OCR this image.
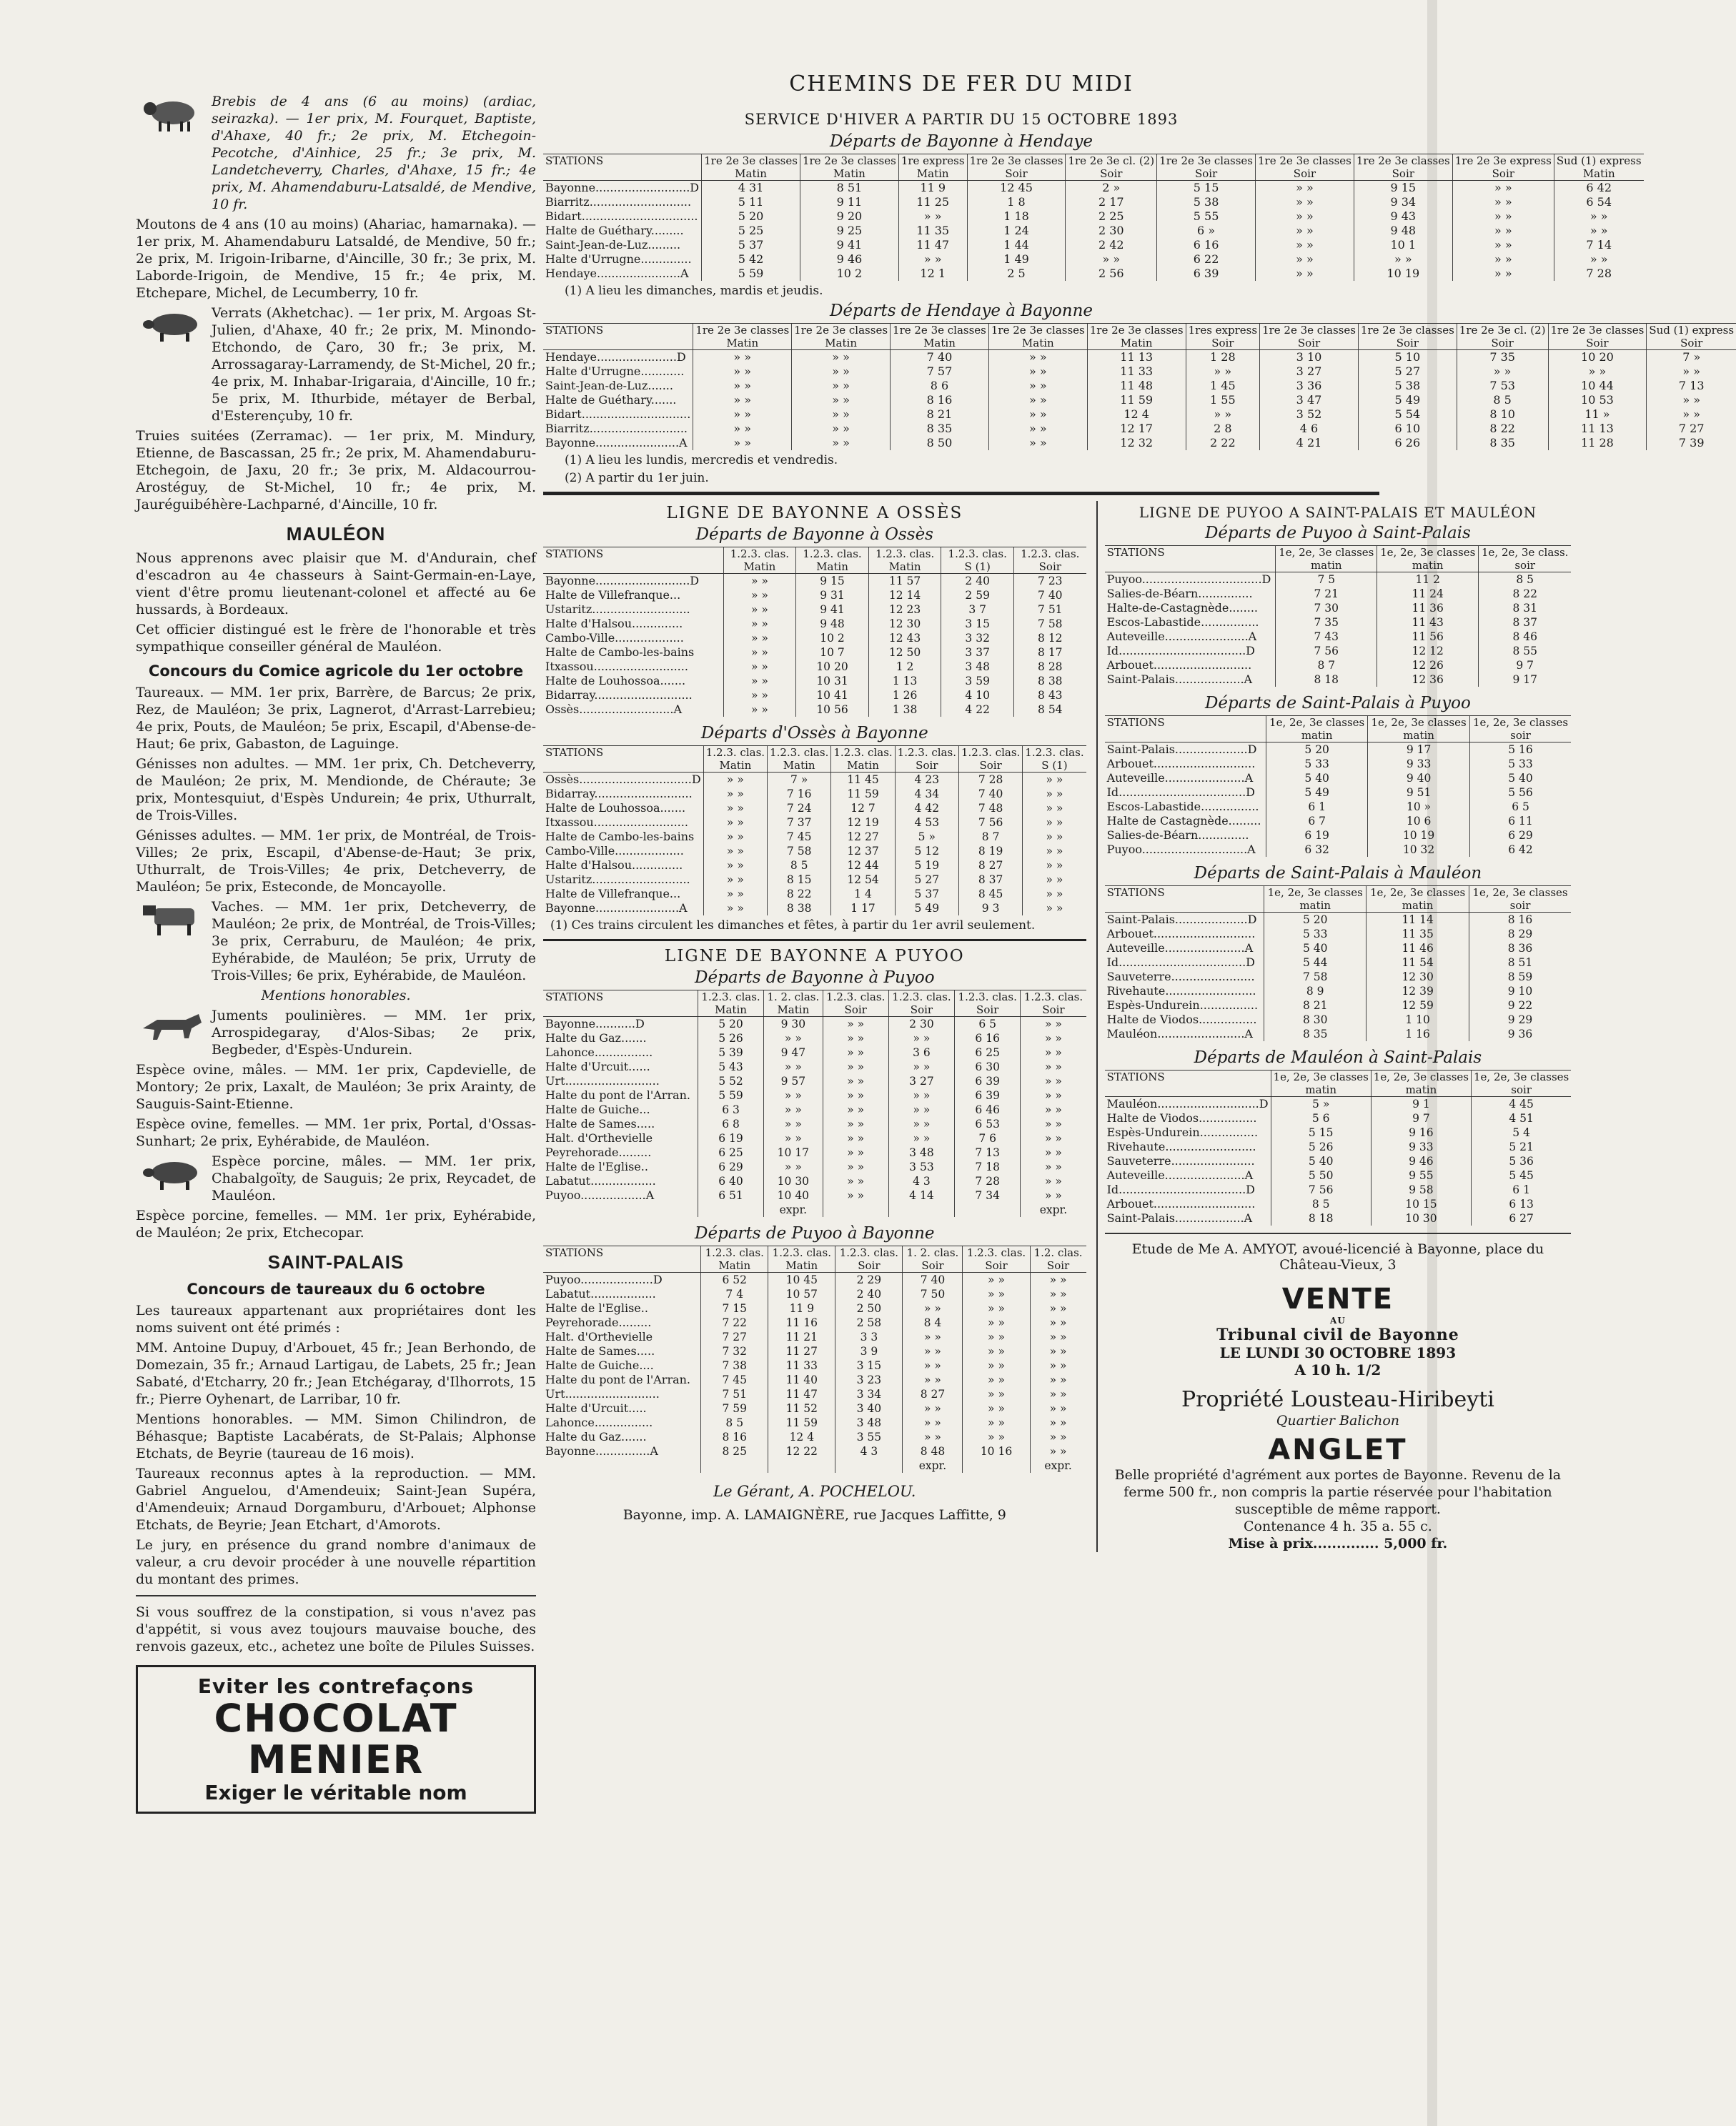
Brebis de 4 ans (6 au moins) (ardiac, seirazka). — 1er prix, M. Fourquet, Baptiste, d'Ahaxe, 40 fr.; 2e prix, M. Etchegoin-Pecotche, d'Ainhice, 25 fr.; 3e prix, M. Landetcheverry, Charles, d'Ahaxe, 15 fr.; 4e prix, M. Ahamendaburu-Latsaldé, de Mendive, 10 fr.

Moutons de 4 ans (10 au moins) (Ahariac, hamarnaka). — 1er prix, M. Ahamendaburu Latsaldé, de Mendive, 50 fr.; 2e prix, M. Irigoin-Iribarne, d'Aincille, 30 fr.; 3e prix, M. Laborde-Irigoin, de Mendive, 15 fr.; 4e prix, M. Etchepare, Michel, de Lecumberry, 10 fr.

Verrats (Akhetchac). — 1er prix, M. Argoas St-Julien, d'Ahaxe, 40 fr.; 2e prix, M. Minondo-Etchondo, de Çaro, 30 fr.; 3e prix, M. Arrossagaray-Larramendy, de St-Michel, 20 fr.; 4e prix, M. Inhabar-Irigaraia, d'Aincille, 10 fr.; 5e prix, M. Ithurbide, métayer de Berbal, d'Esterençuby, 10 fr.

Truies suitées (Zerramac). — 1er prix, M. Mindury, Etienne, de Bascassan, 25 fr.; 2e prix, M. Ahamendaburu-Etchegoin, de Jaxu, 20 fr.; 3e prix, M. Aldacourrou-Arostéguy, de St-Michel, 10 fr.; 4e prix, M. Jauréguibéhère-Lachparné, d'Aincille, 10 fr.

MAULÉON

Nous apprenons avec plaisir que M. d'Andurain, chef d'escadron au 4e chasseurs à Saint-Germain-en-Laye, vient d'être promu lieutenant-colonel et affecté au 6e hussards, à Bordeaux.

Cet officier distingué est le frère de l'honorable et très sympathique conseiller général de Mauléon.

Concours du Comice agricole du 1er octobre

Taureaux. — MM. 1er prix, Barrère, de Barcus; 2e prix, Rez, de Mauléon; 3e prix, Lagnerot, d'Arrast-Larrebieu; 4e prix, Pouts, de Mauléon; 5e prix, Escapil, d'Abense-de-Haut; 6e prix, Gabaston, de Laguinge.

Génisses non adultes. — MM. 1er prix, Ch. Detcheverry, de Mauléon; 2e prix, M. Mendionde, de Chéraute; 3e prix, Montesquiut, d'Espès Undurein; 4e prix, Uthurralt, de Trois-Villes.

Génisses adultes. — MM. 1er prix, de Montréal, de Trois-Villes; 2e prix, Escapil, d'Abense-de-Haut; 3e prix, Uthurralt, de Trois-Villes; 4e prix, Detcheverry, de Mauléon; 5e prix, Esteconde, de Moncayolle.

Vaches. — MM. 1er prix, Detcheverry, de Mauléon; 2e prix, de Montréal, de Trois-Villes; 3e prix, Cerraburu, de Mauléon; 4e prix, Eyhérabide, de Mauléon; 5e prix, Urruty de Trois-Villes; 6e prix, Eyhérabide, de Mauléon.

Mentions honorables.

Juments poulinières. — MM. 1er prix, Arrospidegaray, d'Alos-Sibas; 2e prix, Begbeder, d'Espès-Undurein.

Espèce ovine, mâles. — MM. 1er prix, Capdevielle, de Montory; 2e prix, Laxalt, de Mauléon; 3e prix Arainty, de Sauguis-Saint-Etienne.

Espèce ovine, femelles. — MM. 1er prix, Portal, d'Ossas-Sunhart; 2e prix, Eyhérabide, de Mauléon.

Espèce porcine, mâles. — MM. 1er prix, Chabalgoïty, de Sauguis; 2e prix, Reycadet, de Mauléon.

Espèce porcine, femelles. — MM. 1er prix, Eyhérabide, de Mauléon; 2e prix, Etchecopar.

SAINT-PALAIS
Concours de taureaux du 6 octobre

Les taureaux appartenant aux propriétaires dont les noms suivent ont été primés :

MM. Antoine Dupuy, d'Arbouet, 45 fr.; Jean Berhondo, de Domezain, 35 fr.; Arnaud Lartigau, de Labets, 25 fr.; Jean Sabaté, d'Etcharry, 20 fr.; Jean Etchégaray, d'Ilhorrots, 15 fr.; Pierre Oyhenart, de Larribar, 10 fr.

Mentions honorables. — MM. Simon Chilindron, de Béhasque; Baptiste Lacabérats, de St-Palais; Alphonse Etchats, de Beyrie (taureau de 16 mois).

Taureaux reconnus aptes à la reproduction. — MM. Gabriel Anguelou, d'Amendeuix; Saint-Jean Supéra, d'Amendeuix; Arnaud Dorgamburu, d'Arbouet; Alphonse Etchats, de Beyrie; Jean Etchart, d'Amorots.

Le jury, en présence du grand nombre d'animaux de valeur, a cru devoir procéder à une nouvelle répartition du montant des primes.

Si vous souffrez de la constipation, si vous n'avez pas d'appétit, si vous avez toujours mauvaise bouche, des renvois gazeux, etc., achetez une boîte de Pilules Suisses.

Eviter les contrefaçons
CHOCOLAT
MENIER
Exiger le véritable nom
CHEMINS DE FER DU MIDI
SERVICE D'HIVER A PARTIR DU 15 OCTOBRE 1893
Départs de Bayonne à Hendaye
STATIONS	1re 2e 3e classes	1re 2e 3e classes	1re express	1re 2e 3e classes	1re 2e 3e cl. (2)	1re 2e 3e classes	1re 2e 3e classes	1re 2e 3e classes	1re 2e 3e express	Sud (1) express
	Matin	Matin	Matin	Soir	Soir	Soir	Soir	Soir	Soir	Matin
Bayonne..........................D	4 31	8 51	11 9	12 45	2 »	5 15	» »	9 15	» »	6 42
Biarritz............................	5 11	9 11	11 25	1 8	2 17	5 38	» »	9 34	» »	6 54
Bidart................................	5 20	9 20	» »	1 18	2 25	5 55	» »	9 43	» »	» »
Halte de Guéthary.........	5 25	9 25	11 35	1 24	2 30	6 »	» »	9 48	» »	» »
Saint-Jean-de-Luz.........	5 37	9 41	11 47	1 44	2 42	6 16	» »	10 1	» »	7 14
Halte d'Urrugne..............	5 42	9 46	» »	1 49	» »	6 22	» »	» »	» »	» »
Hendaye.......................A	5 59	10 2	12 1	2 5	2 56	6 39	» »	10 19	» »	7 28
(1) A lieu les dimanches, mardis et jeudis.
Départs de Hendaye à Bayonne
STATIONS	1re 2e 3e classes	1re 2e 3e classes	1re 2e 3e classes	1re 2e 3e classes	1re 2e 3e classes	1res express	1re 2e 3e classes	1re 2e 3e classes	1re 2e 3e cl. (2)	1re 2e 3e classes	Sud (1) express
	Matin	Matin	Matin	Matin	Matin	Soir	Soir	Soir	Soir	Soir	Soir
Hendaye......................D	» »	» »	7 40	» »	11 13	1 28	3 10	5 10	7 35	10 20	7 »
Halte d'Urrugne............	» »	» »	7 57	» »	11 33	» »	3 27	5 27	» »	» »	» »
Saint-Jean-de-Luz.......	» »	» »	8 6	» »	11 48	1 45	3 36	5 38	7 53	10 44	7 13
Halte de Guéthary.......	» »	» »	8 16	» »	11 59	1 55	3 47	5 49	8 5	10 53	» »
Bidart..............................	» »	» »	8 21	» »	12 4	» »	3 52	5 54	8 10	11 »	» »
Biarritz...........................	» »	» »	8 35	» »	12 17	2 8	4 6	6 10	8 22	11 13	7 27
Bayonne.......................A	» »	» »	8 50	» »	12 32	2 22	4 21	6 26	8 35	11 28	7 39
(1) A lieu les lundis, mercredis et vendredis.
(2) A partir du 1er juin.
LIGNE DE BAYONNE A OSSÈS
Départs de Bayonne à Ossès
STATIONS	1.2.3. clas.	1.2.3. clas.	1.2.3. clas.	1.2.3. clas.	1.2.3. clas.
	Matin	Matin	Matin	S (1)	Soir
Bayonne..........................D	» »	9 15	11 57	2 40	7 23
Halte de Villefranque...	» »	9 31	12 14	2 59	7 40
Ustaritz...........................	» »	9 41	12 23	3 7	7 51
Halte d'Halsou..............	» »	9 48	12 30	3 15	7 58
Cambo-Ville...................	» »	10 2	12 43	3 32	8 12
Halte de Cambo-les-bains	» »	10 7	12 50	3 37	8 17
Itxassou..........................	» »	10 20	1 2	3 48	8 28
Halte de Louhossoa.......	» »	10 31	1 13	3 59	8 38
Bidarray...........................	» »	10 41	1 26	4 10	8 43
Ossès..........................A	» »	10 56	1 38	4 22	8 54
Départs d'Ossès à Bayonne
STATIONS	1.2.3. clas.	1.2.3. clas.	1.2.3. clas.	1.2.3. clas.	1.2.3. clas.	1.2.3. clas.
	Matin	Matin	Matin	Soir	Soir	S (1)
Ossès...............................D	» »	7 »	11 45	4 23	7 28	» »
Bidarray...........................	» »	7 16	11 59	4 34	7 40	» »
Halte de Louhossoa.......	» »	7 24	12 7	4 42	7 48	» »
Itxassou..........................	» »	7 37	12 19	4 53	7 56	» »
Halte de Cambo-les-bains	» »	7 45	12 27	5 »	8 7	» »
Cambo-Ville...................	» »	7 58	12 37	5 12	8 19	» »
Halte d'Halsou..............	» »	8 5	12 44	5 19	8 27	» »
Ustaritz...........................	» »	8 15	12 54	5 27	8 37	» »
Halte de Villefranque...	» »	8 22	1 4	5 37	8 45	» »
Bayonne.......................A	» »	8 38	1 17	5 49	9 3	» »
(1) Ces trains circulent les dimanches et fêtes, à partir du 1er avril seulement.
LIGNE DE BAYONNE A PUYOO
Départs de Bayonne à Puyoo
STATIONS	1.2.3. clas.	1. 2. clas.	1.2.3. clas.	1.2.3. clas.	1.2.3. clas.	1.2.3. clas.
	Matin	Matin	Soir	Soir	Soir	Soir
Bayonne...........D	5 20	9 30	» »	2 30	6 5	» »
Halte du Gaz.......	5 26	» »	» »	» »	6 16	» »
Lahonce................	5 39	9 47	» »	3 6	6 25	» »
Halte d'Urcuit......	5 43	» »	» »	» »	6 30	» »
Urt..........................	5 52	9 57	» »	3 27	6 39	» »
Halte du pont de l'Arran.	5 59	» »	» »	» »	6 39	» »
Halte de Guiche...	6 3	» »	» »	» »	6 46	» »
Halte de Sames.....	6 8	» »	» »	» »	6 53	» »
Halt. d'Orthevielle	6 19	» »	» »	» »	7 6	» »
Peyrehorade.........	6 25	10 17	» »	3 48	7 13	» »
Halte de l'Eglise..	6 29	» »	» »	3 53	7 18	» »
Labatut..................	6 40	10 30	» »	4 3	7 28	» »
Puyoo..................A	6 51	10 40	» »	4 14	7 34	» »
		expr.				expr.
Départs de Puyoo à Bayonne
STATIONS	1.2.3. clas.	1.2.3. clas.	1.2.3. clas.	1. 2. clas.	1.2.3. clas.	1.2. clas.
	Matin	Matin	Soir	Soir	Soir	Soir
Puyoo....................D	6 52	10 45	2 29	7 40	» »	» »
Labatut..................	7 4	10 57	2 40	7 50	» »	» »
Halte de l'Eglise..	7 15	11 9	2 50	» »	» »	» »
Peyrehorade.........	7 22	11 16	2 58	8 4	» »	» »
Halt. d'Orthevielle	7 27	11 21	3 3	» »	» »	» »
Halte de Sames.....	7 32	11 27	3 9	» »	» »	» »
Halte de Guiche....	7 38	11 33	3 15	» »	» »	» »
Halte du pont de l'Arran.	7 45	11 40	3 23	» »	» »	» »
Urt..........................	7 51	11 47	3 34	8 27	» »	» »
Halte d'Urcuit.....	7 59	11 52	3 40	» »	» »	» »
Lahonce................	8 5	11 59	3 48	» »	» »	» »
Halte du Gaz.......	8 16	12 4	3 55	» »	» »	» »
Bayonne...............A	8 25	12 22	4 3	8 48	10 16	» »
				expr.		expr.
Le Gérant, A. POCHELOU.
Bayonne, imp. A. LAMAIGNÈRE, rue Jacques Laffitte, 9
LIGNE DE PUYOO A SAINT-PALAIS ET MAULÉON
Départs de Puyoo à Saint-Palais
STATIONS	1e, 2e, 3e classes	1e, 2e, 3e classes	1e, 2e, 3e class.
	matin	matin	soir
Puyoo.................................D	7 5	11 2	8 5
Salies-de-Béarn...............	7 21	11 24	8 22
Halte-de-Castagnède........	7 30	11 36	8 31
Escos-Labastide................	7 35	11 43	8 37
Auteveille.......................A	7 43	11 56	8 46
Id...................................D	7 56	12 12	8 55
Arbouet...........................	8 7	12 26	9 7
Saint-Palais...................A	8 18	12 36	9 17
Départs de Saint-Palais à Puyoo
STATIONS	1e, 2e, 3e classes	1e, 2e, 3e classes	1e, 2e, 3e classes
	matin	matin	soir
Saint-Palais....................D	5 20	9 17	5 16
Arbouet............................	5 33	9 33	5 33
Auteveille......................A	5 40	9 40	5 40
Id...................................D	5 49	9 51	5 56
Escos-Labastide................	6 1	10 »	6 5
Halte de Castagnède.........	6 7	10 6	6 11
Salies-de-Béarn..............	6 19	10 19	6 29
Puyoo.............................A	6 32	10 32	6 42
Départs de Saint-Palais à Mauléon
STATIONS	1e, 2e, 3e classes	1e, 2e, 3e classes	1e, 2e, 3e classes
	matin	matin	soir
Saint-Palais....................D	5 20	11 14	8 16
Arbouet............................	5 33	11 35	8 29
Auteveille......................A	5 40	11 46	8 36
Id...................................D	5 44	11 54	8 51
Sauveterre.......................	7 58	12 30	8 59
Rivehaute.........................	8 9	12 39	9 10
Espès-Undurein................	8 21	12 59	9 22
Halte de Viodos................	8 30	1 10	9 29
Mauléon........................A	8 35	1 16	9 36
Départs de Mauléon à Saint-Palais
STATIONS	1e, 2e, 3e classes	1e, 2e, 3e classes	1e, 2e, 3e classes
	matin	matin	soir
Mauléon............................D	5 »	9 1	4 45
Halte de Viodos................	5 6	9 7	4 51
Espès-Undurein................	5 15	9 16	5 4
Rivehaute.........................	5 26	9 33	5 21
Sauveterre.......................	5 40	9 46	5 36
Auteveille......................A	5 50	9 55	5 45
Id...................................D	7 56	9 58	6 1
Arbouet............................	8 5	10 15	6 13
Saint-Palais...................A	8 18	10 30	6 27
Etude de Me A. AMYOT, avoué-licencié à Bayonne, place du Château-Vieux, 3
VENTE
AU
Tribunal civil de Bayonne
LE LUNDI 30 OCTOBRE 1893
A 10 h. 1/2
Propriété Lousteau-Hiribeyti
Quartier Balichon
ANGLET
Belle propriété d'agrément aux portes de Bayonne. Revenu de la ferme 500 fr., non compris la partie réservée pour l'habitation susceptible de même rapport.
Contenance 4 h. 35 a. 55 c.
Mise à prix.............. 5,000 fr.
